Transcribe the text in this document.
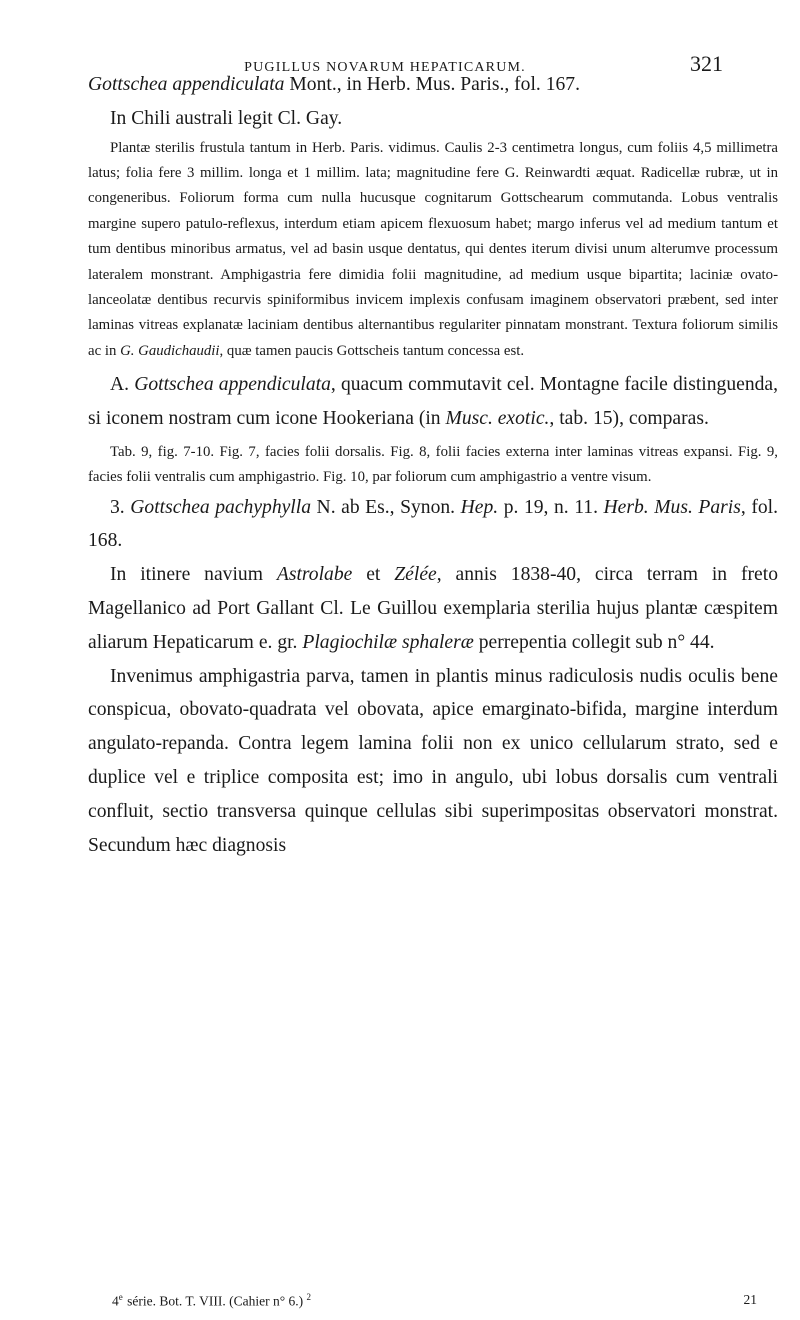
PUGILLUS NOVARUM HEPATICARUM.	321

Gottschea appendiculata Mont., in Herb. Mus. Paris., fol. 167.

In Chili australi legit Cl. Gay.

Plantæ sterilis frustula tantum in Herb. Paris. vidimus. Caulis 2-3 centimetra longus, cum foliis 4,5 millimetra latus; folia fere 3 millim. longa et 1 millim. lata; magnitudine fere G. Reinwardti æquat. Radicellæ rubræ, ut in congeneribus. Foliorum forma cum nulla hucusque cognitarum Gottschearum commutanda. Lobus ventralis margine supero patulo-reflexus, interdum etiam apicem flexuosum habet; margo inferus vel ad medium tantum et tum dentibus minoribus armatus, vel ad basin usque dentatus, qui dentes iterum divisi unum alterumve processum lateralem monstrant. Amphigastria fere dimidia folii magnitudine, ad medium usque bipartita; laciniæ ovato-lanceolatæ dentibus recurvis spiniformibus invicem implexis confusam imaginem observatori præbent, sed inter laminas vitreas explanatæ laciniam dentibus alternantibus regulariter pinnatam monstrant. Textura foliorum similis ac in G. Gaudichaudii, quæ tamen paucis Gottscheis tantum concessa est.

A. Gottschea appendiculata, quacum commutavit cel. Montagne facile distinguenda, si iconem nostram cum icone Hookeriana (in Musc. exotic., tab. 15), comparas.

Tab. 9, fig. 7-10. Fig. 7, facies folii dorsalis. Fig. 8, folii facies externa inter laminas vitreas expansi. Fig. 9, facies folii ventralis cum amphigastrio. Fig. 10, par foliorum cum amphigastrio a ventre visum.

3. Gottschea pachyphylla N. ab Es., Synon. Hep. p. 19, n. 11. Herb. Mus. Paris, fol. 168.

In itinere navium Astrolabe et Zélée, annis 1838-40, circa terram in freto Magellanico ad Port Gallant Cl. Le Guillou exemplaria sterilia hujus plantæ cæspitem aliarum Hepaticarum e. gr. Plagiochilæ sphaleræ perrepentia collegit sub n° 44.

Invenimus amphigastria parva, tamen in plantis minus radiculosis nudis oculis bene conspicua, obovato-quadrata vel obovata, apice emarginato-bifida, margine interdum angulato-repanda. Contra legem lamina folii non ex unico cellularum strato, sed e duplice vel e triplice composita est; imo in angulo, ubi lobus dorsalis cum ventrali confluit, sectio transversa quinque cellulas sibi superimpositas observatori monstrat. Secundum hæc diagnosis

4e série. Bot. T. VIII. (Cahier n° 6.) $^2$	21
